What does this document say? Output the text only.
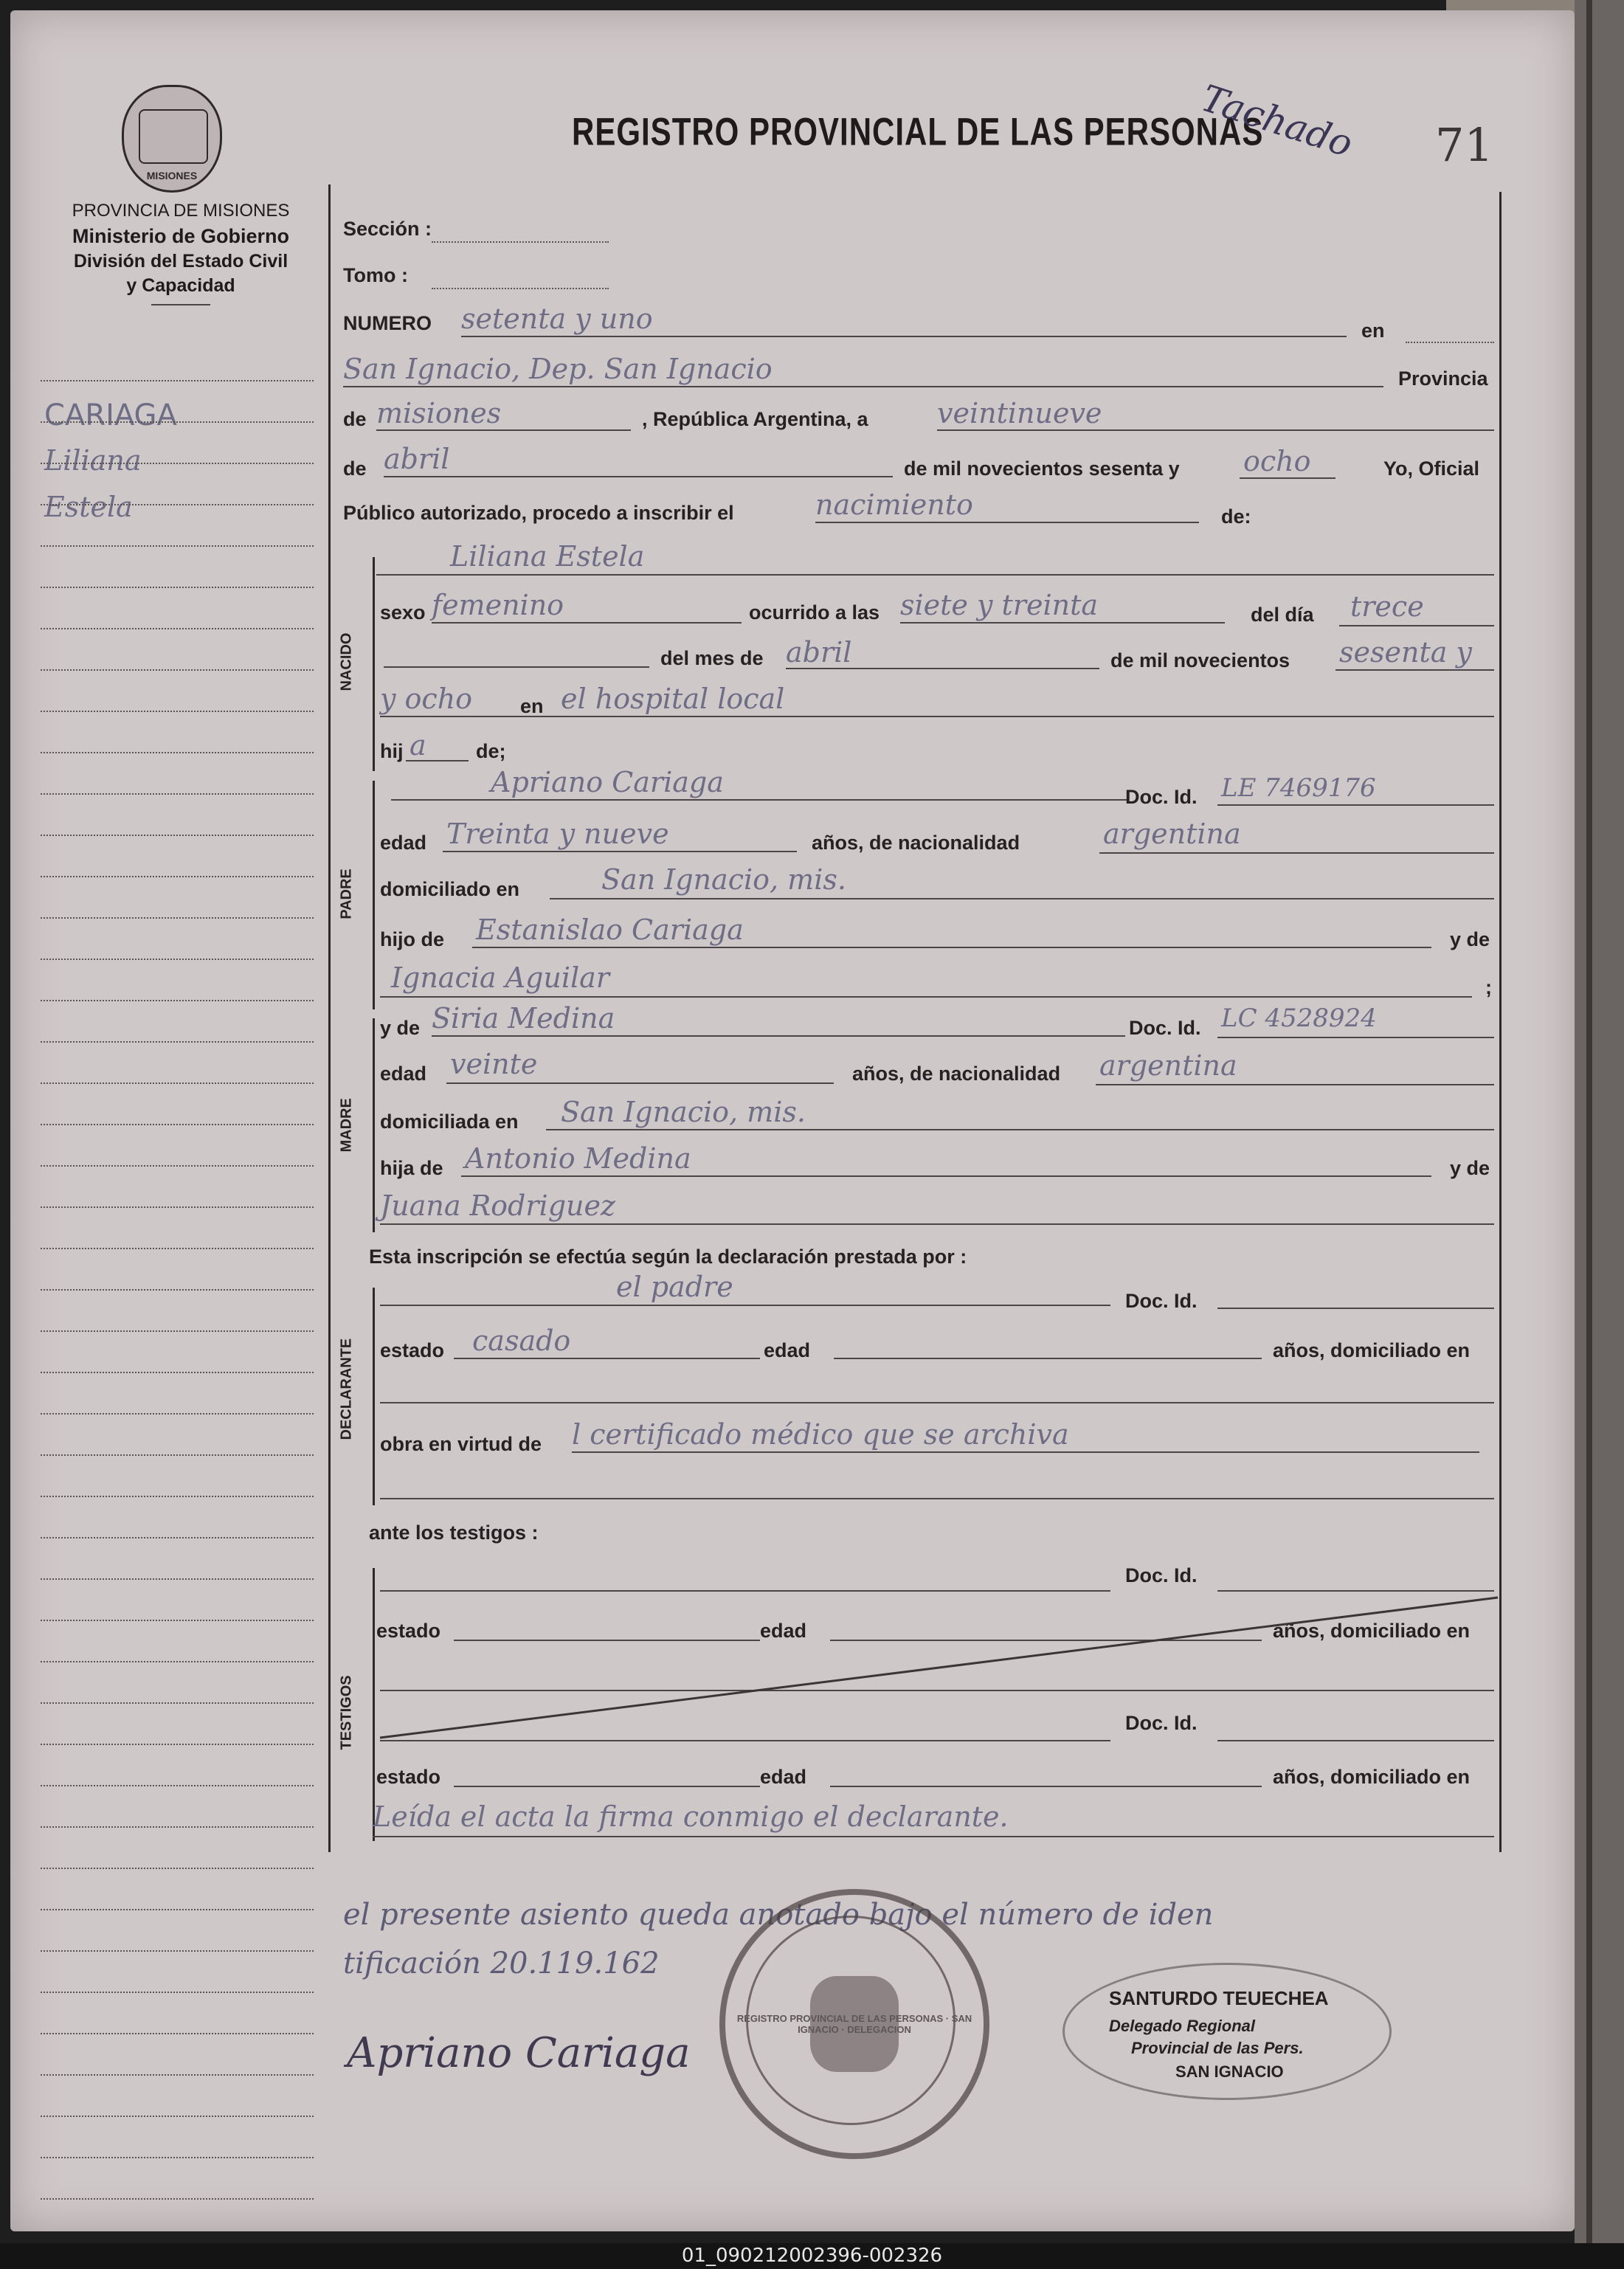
MISIONES
PROVINCIA DE MISIONES
Ministerio de Gobierno
División del Estado Civil
y Capacidad
REGISTRO PROVINCIAL DE LAS PERSONAS	71
Tachado
CARIAGA
Liliana
Estela
Sección :
Tomo :
NUMERO setenta y uno	en
San Ignacio, Dep. San Ignacio	Provincia
de misiones	, República Argentina, a veintinueve
de abril	de mil novecientos sesenta y ocho	Yo, Oficial
Público autorizado, procedo a inscribir el	nacimiento	de:
NACIDO
Liliana Estela
sexo femenino	ocurrido a las siete y treinta	del día trece
del mes de abril	de mil novecientos sesenta y
y ocho en el hospital local
hij a de;
PADRE
Apriano Cariaga	Doc. Id. LE 7469176
edad Treinta y nueve	años, de nacionalidad	argentina
domiciliado en	San Ignacio, mis.
hijo de Estanislao Cariaga	y de
Ignacia Aguilar	;
MADRE
y de Siria Medina	Doc. Id. LC 4528924
edad veinte	años, de nacionalidad argentina
domiciliada en San Ignacio, mis.
hija de Antonio Medina	y de
Juana Rodriguez
Esta inscripción se efectúa según la declaración prestada por :
DECLARANTE
el padre	Doc. Id.
estado casado	edad	años, domiciliado en
obra en virtud de l certificado médico que se archiva
ante los testigos :
TESTIGOS
Doc. Id.
estado	edad	años, domiciliado en
Doc. Id.
estado	edad	años, domiciliado en
Leída el acta la firma conmigo el declarante.
el presente asiento queda anotado bajo el número de iden
tificación 20.119.162
Apriano Cariaga
REGISTRO PROVINCIAL DE LAS PERSONAS · SAN IGNACIO · DELEGACION
SANTURDO TEUECHEA
Delegado Regional
Provincial de las Pers.
SAN IGNACIO
01_090212002396-002326
